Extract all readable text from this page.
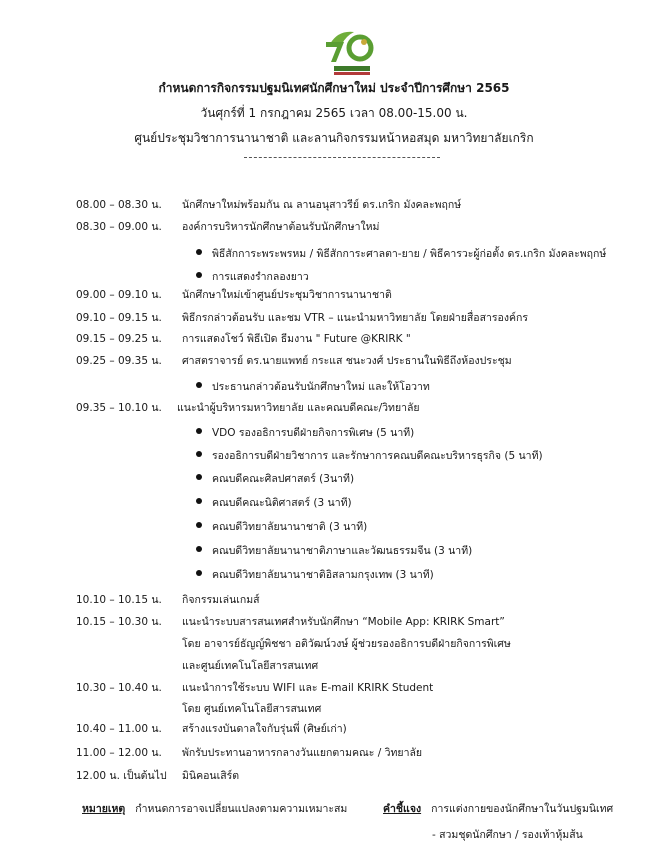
กำหนดการกิจกรรมปฐมนิเทศนักศึกษาใหม่ ประจำปีการศึกษา 2565
วันศุกร์ที่ 1 กรกฎาคม 2565 เวลา 08.00-15.00 น.
ศูนย์ประชุมวิชาการนานาชาติ และลานกิจกรรมหน้าหอสมุด มหาวิทยาลัยเกริก
08.00 – 08.30 น. นักศึกษาใหม่พร้อมกัน ณ ลานอนุสาวรีย์ ดร.เกริก มังคละพฤกษ์
08.30 – 09.00 น. องค์การบริหารนักศึกษาต้อนรับนักศึกษาใหม่
พิธีสักการะพระพรหม / พิธีสักการะศาลตา-ยาย / พิธีคารวะผู้ก่อตั้ง ดร.เกริก มังคละพฤกษ์
การแสดงรำกลองยาว
09.00 – 09.10 น. นักศึกษาใหม่เข้าศูนย์ประชุมวิชาการนานาชาติ
09.10 – 09.15 น. พิธีกรกล่าวต้อนรับ และชม VTR – แนะนำมหาวิทยาลัย โดยฝ่ายสื่อสารองค์กร
09.15 – 09.25 น. การแสดงโชว์ พิธีเปิด ธีมงาน " Future @KRIRK "
09.25 – 09.35 น. ศาสตราจารย์ ดร.นายแพทย์ กระแส ชนะวงศ์ ประธานในพิธีถึงห้องประชุม
ประธานกล่าวต้อนรับนักศึกษาใหม่ และให้โอวาท
09.35 – 10.10 น. แนะนำผู้บริหารมหาวิทยาลัย และคณบดีคณะ/วิทยาลัย
VDO รองอธิการบดีฝ่ายกิจการพิเศษ (5 นาที)
รองอธิการบดีฝ่ายวิชาการ และรักษาการคณบดีคณะบริหารธุรกิจ (5 นาที)
คณบดีคณะศิลปศาสตร์ (3นาที)
คณบดีคณะนิติศาสตร์ (3 นาที)
คณบดีวิทยาลัยนานาชาติ (3 นาที)
คณบดีวิทยาลัยนานาชาติภาษาและวัฒนธรรมจีน (3 นาที)
คณบดีวิทยาลัยนานาชาติอิสลามกรุงเทพ (3 นาที)
10.10 – 10.15 น. กิจกรรมเล่นเกมส์
10.15 – 10.30 น. แนะนำระบบสารสนเทศสำหรับนักศึกษา “Mobile App: KRIRK Smart”
โดย อาจารย์ธัญญ์พิชชา อติวัฒน์วงษ์ ผู้ช่วยรองอธิการบดีฝ่ายกิจการพิเศษ
และศูนย์เทคโนโลยีสารสนเทศ
10.30 – 10.40 น. แนะนำการใช้ระบบ WIFI และ E-mail KRIRK Student
โดย ศูนย์เทคโนโลยีสารสนเทศ
10.40 – 11.00 น. สร้างแรงบันดาลใจกับรุ่นพี่ (ศิษย์เก่า)
11.00 – 12.00 น. พักรับประทานอาหารกลางวันแยกตามคณะ / วิทยาลัย
12.00 น. เป็นต้นไป มินิคอนเสิร์ต
หมายเหตุ กำหนดการอาจเปลี่ยนแปลงตามความเหมาะสม	คำชี้แจง การแต่งกายของนักศึกษาในวันปฐมนิเทศ
- สวมชุดนักศึกษา / รองเท้าหุ้มส้น
